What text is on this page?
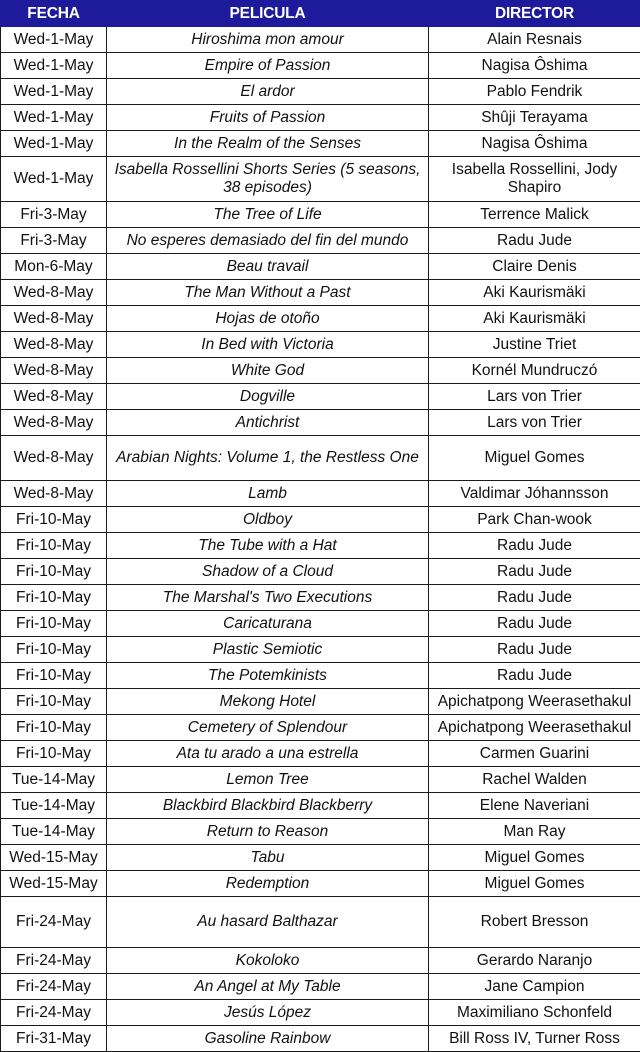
FECHA	PELICULA	DIRECTOR
Wed-1-May	Hiroshima mon amour	Alain Resnais
Wed-1-May	Empire of Passion	Nagisa Ôshima
Wed-1-May	El ardor	Pablo Fendrik
Wed-1-May	Fruits of Passion	Shûji Terayama
Wed-1-May	In the Realm of the Senses	Nagisa Ôshima
Wed-1-May	Isabella Rossellini Shorts Series (5 seasons, 38 episodes)	Isabella Rossellini, Jody Shapiro
Fri-3-May	The Tree of Life	Terrence Malick
Fri-3-May	No esperes demasiado del fin del mundo	Radu Jude
Mon-6-May	Beau travail	Claire Denis
Wed-8-May	The Man Without a Past	Aki Kaurismäki
Wed-8-May	Hojas de otoño	Aki Kaurismäki
Wed-8-May	In Bed with Victoria	Justine Triet
Wed-8-May	White God	Kornél Mundruczó
Wed-8-May	Dogville	Lars von Trier
Wed-8-May	Antichrist	Lars von Trier
Wed-8-May	Arabian Nights: Volume 1, the Restless One	Miguel Gomes
Wed-8-May	Lamb	Valdimar Jóhannsson
Fri-10-May	Oldboy	Park Chan-wook
Fri-10-May	The Tube with a Hat	Radu Jude
Fri-10-May	Shadow of a Cloud	Radu Jude
Fri-10-May	The Marshal's Two Executions	Radu Jude
Fri-10-May	Caricaturana	Radu Jude
Fri-10-May	Plastic Semiotic	Radu Jude
Fri-10-May	The Potemkinists	Radu Jude
Fri-10-May	Mekong Hotel	Apichatpong Weerasethakul
Fri-10-May	Cemetery of Splendour	Apichatpong Weerasethakul
Fri-10-May	Ata tu arado a una estrella	Carmen Guarini
Tue-14-May	Lemon Tree	Rachel Walden
Tue-14-May	Blackbird Blackbird Blackberry	Elene Naveriani
Tue-14-May	Return to Reason	Man Ray
Wed-15-May	Tabu	Miguel Gomes
Wed-15-May	Redemption	Miguel Gomes
Fri-24-May	Au hasard Balthazar	Robert Bresson
Fri-24-May	Kokoloko	Gerardo Naranjo
Fri-24-May	An Angel at My Table	Jane Campion
Fri-24-May	Jesús López	Maximiliano Schonfeld
Fri-31-May	Gasoline Rainbow	Bill Ross IV, Turner Ross
